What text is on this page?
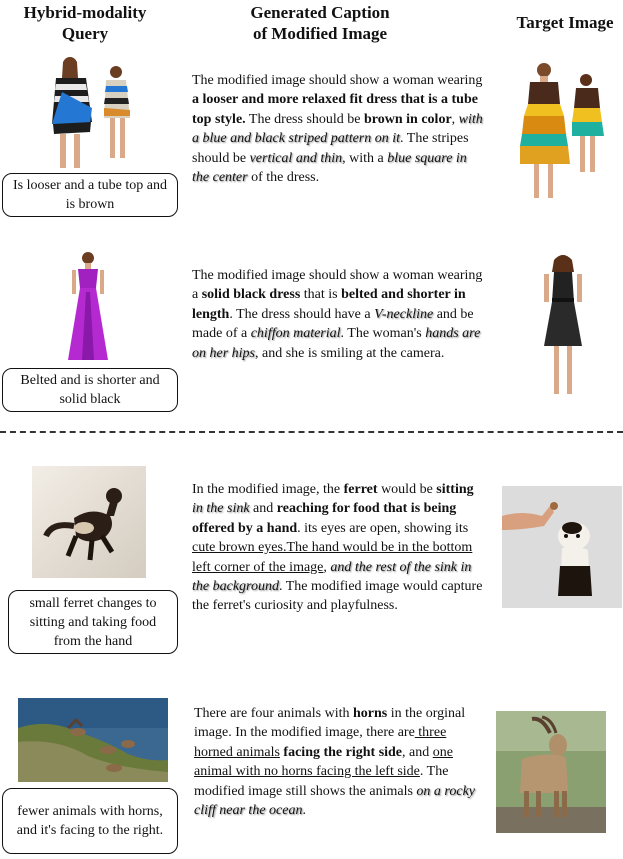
Hybrid-modality
Query
Generated Caption
of Modified Image
Target Image
Is looser and a tube top and is brown
The modified image should show a woman wearing a looser and more relaxed fit dress that is a tube top style. The dress should be brown in color, with a blue and black striped pattern on it. The stripes should be vertical and thin, with a blue square in the center of the dress.
Belted and is shorter and solid black
The modified image should show a woman wearing a solid black dress that is belted and shorter in length. The dress should have a V-neckline and be made of a chiffon material. The woman's hands are on her hips, and she is smiling at the camera.
small ferret changes to sitting and taking food from the hand
In the modified image, the ferret would be sitting in the sink and reaching for food that is being offered by a hand. its eyes are open, showing its cute brown eyes.The hand would be in the bottom left corner of the image, and the rest of the sink in the background. The modified image would capture the ferret's curiosity and playfulness.
fewer animals with horns, and it's facing to the right.
There are four animals with horns in the orginal image. In the modified image, there are three horned animals facing the right side, and one animal with no horns facing the left side. The modified image still shows the animals on a rocky cliff near the ocean.
